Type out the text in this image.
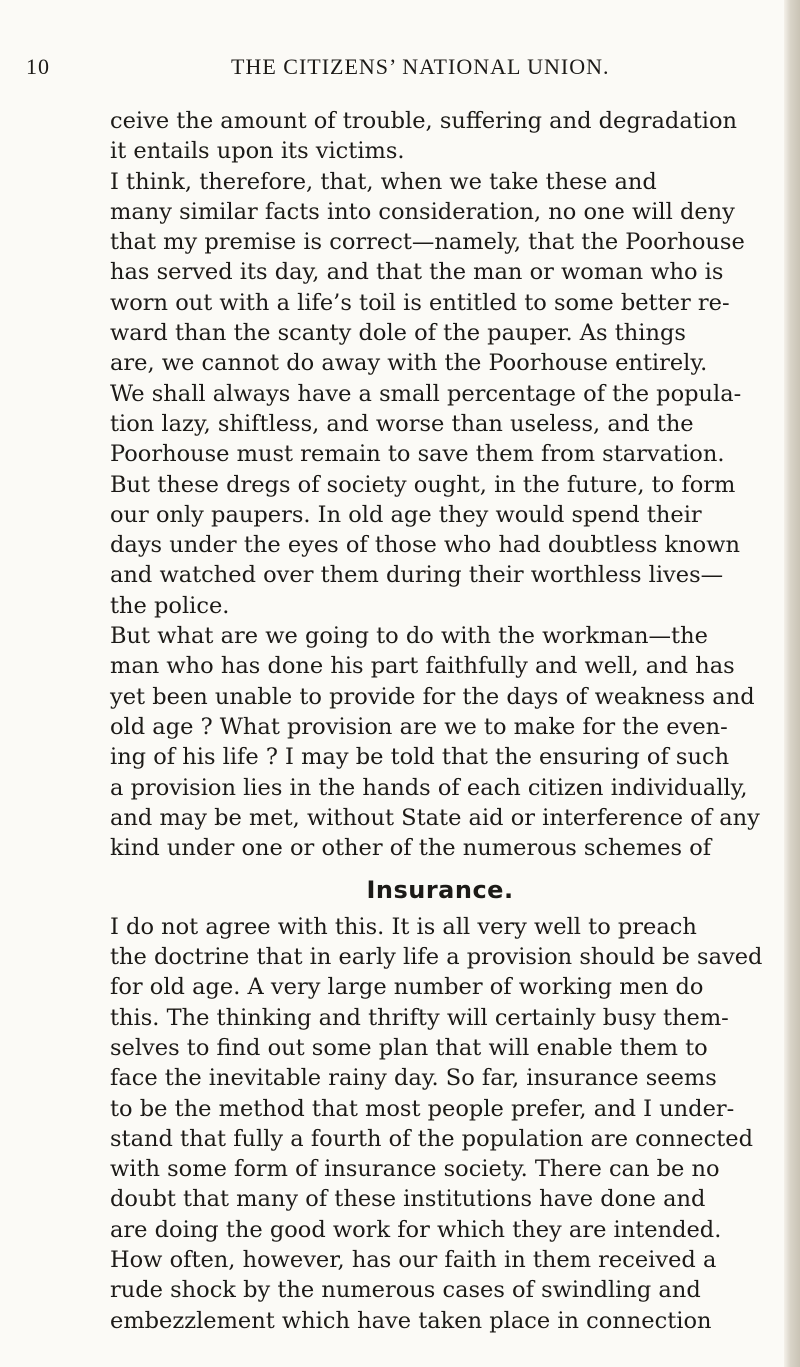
10	THE CITIZENS’ NATIONAL UNION.
ceive the amount of trouble, suffering and degradation
it entails upon its victims.
I think, therefore, that, when we take these and
many similar facts into consideration, no one will deny
that my premise is correct—namely, that the Poorhouse
has served its day, and that the man or woman who is
worn out with a life’s toil is entitled to some better re-
ward than the scanty dole of the pauper. As things
are, we cannot do away with the Poorhouse entirely.
We shall always have a small percentage of the popula-
tion lazy, shiftless, and worse than useless, and the
Poorhouse must remain to save them from starvation.
But these dregs of society ought, in the future, to form
our only paupers. In old age they would spend their
days under the eyes of those who had doubtless known
and watched over them during their worthless lives—
the police.
But what are we going to do with the workman—the
man who has done his part faithfully and well, and has
yet been unable to provide for the days of weakness and
old age ? What provision are we to make for the even-
ing of his life ? I may be told that the ensuring of such
a provision lies in the hands of each citizen individually,
and may be met, without State aid or interference of any
kind under one or other of the numerous schemes of
Insurance.
I do not agree with this. It is all very well to preach
the doctrine that in early life a provision should be saved
for old age. A very large number of working men do
this. The thinking and thrifty will certainly busy them-
selves to find out some plan that will enable them to
face the inevitable rainy day. So far, insurance seems
to be the method that most people prefer, and I under-
stand that fully a fourth of the population are connected
with some form of insurance society. There can be no
doubt that many of these institutions have done and
are doing the good work for which they are intended.
How often, however, has our faith in them received a
rude shock by the numerous cases of swindling and
embezzlement which have taken place in connection
